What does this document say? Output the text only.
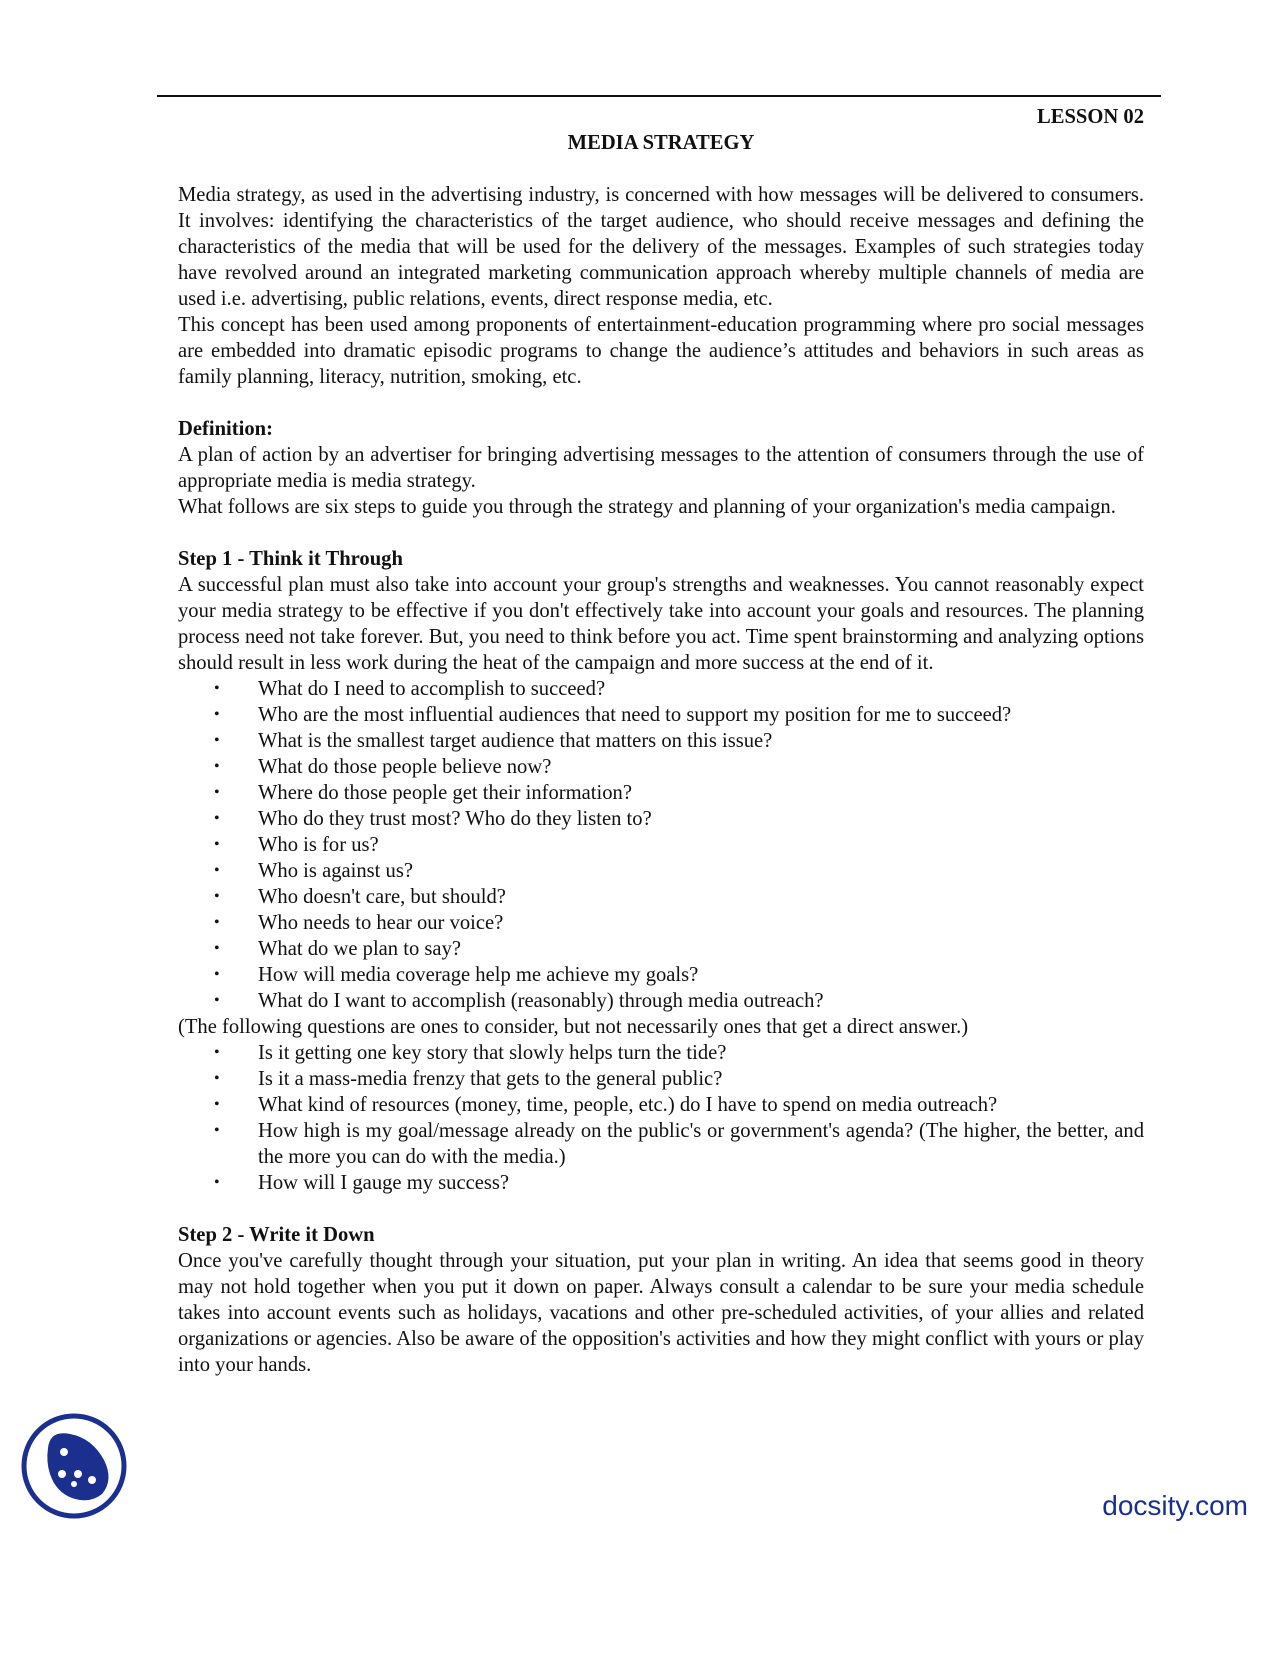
LESSON 02
MEDIA STRATEGY

Media strategy, as used in the advertising industry, is concerned with how messages will be delivered to consumers. It involves: identifying the characteristics of the target audience, who should receive messages and defining the characteristics of the media that will be used for the delivery of the messages. Examples of such strategies today have revolved around an integrated marketing communication approach whereby multiple channels of media are used i.e. advertising, public relations, events, direct response media, etc.

This concept has been used among proponents of entertainment-education programming where pro social messages are embedded into dramatic episodic programs to change the audience’s attitudes and behaviors in such areas as family planning, literacy, nutrition, smoking, etc.

Definition:

A plan of action by an advertiser for bringing advertising messages to the attention of consumers through the use of appropriate media is media strategy.

What follows are six steps to guide you through the strategy and planning of your organization's media campaign.

Step 1 - Think it Through

A successful plan must also take into account your group's strengths and weaknesses. You cannot reasonably expect your media strategy to be effective if you don't effectively take into account your goals and resources. The planning process need not take forever. But, you need to think before you act. Time spent brainstorming and analyzing options should result in less work during the heat of the campaign and more success at the end of it.

• What do I need to accomplish to succeed?
• Who are the most influential audiences that need to support my position for me to succeed?
• What is the smallest target audience that matters on this issue?
• What do those people believe now?
• Where do those people get their information?
• Who do they trust most? Who do they listen to?
• Who is for us?
• Who is against us?
• Who doesn't care, but should?
• Who needs to hear our voice?
• What do we plan to say?
• How will media coverage help me achieve my goals?
• What do I want to accomplish (reasonably) through media outreach?

(The following questions are ones to consider, but not necessarily ones that get a direct answer.)

• Is it getting one key story that slowly helps turn the tide?
• Is it a mass-media frenzy that gets to the general public?
• What kind of resources (money, time, people, etc.) do I have to spend on media outreach?
• How high is my goal/message already on the public's or government's agenda? (The higher, the better, and the more you can do with the media.)
• How will I gauge my success?

Step 2 - Write it Down

Once you've carefully thought through your situation, put your plan in writing. An idea that seems good in theory may not hold together when you put it down on paper. Always consult a calendar to be sure your media schedule takes into account events such as holidays, vacations and other pre-scheduled activities, of your allies and related organizations or agencies. Also be aware of the opposition's activities and how they might conflict with yours or play into your hands.

docsity.com
